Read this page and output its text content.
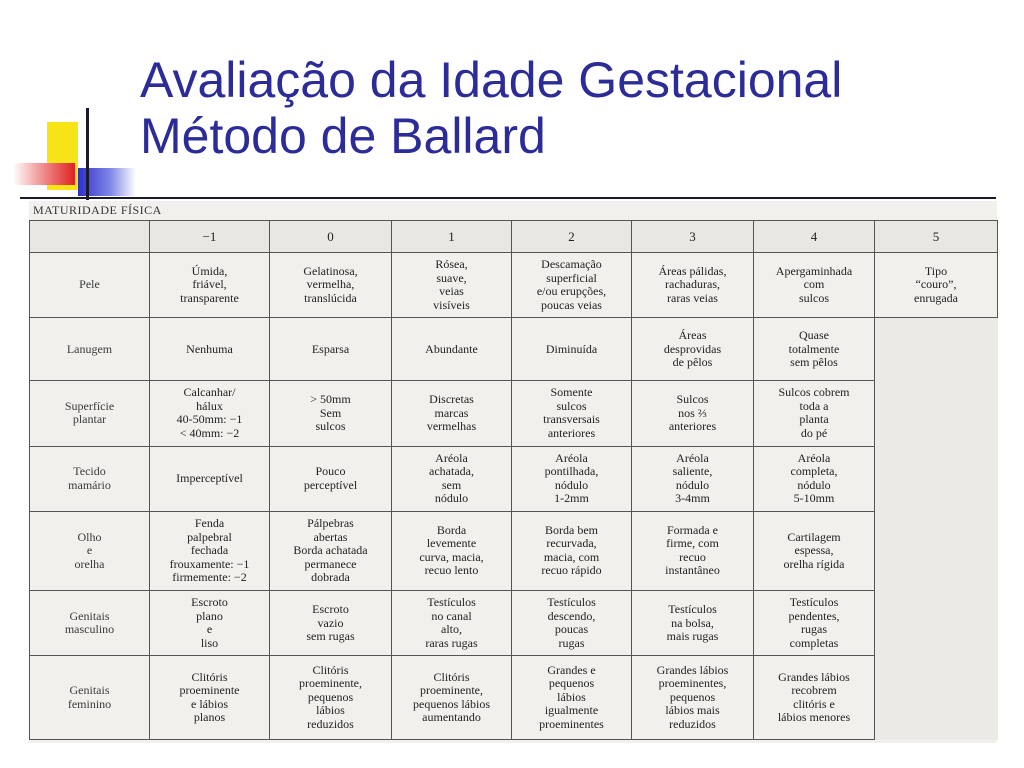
Avaliação da Idade Gestacional
Método de Ballard
MATURIDADE FÍSICA
	−1	0	1	2	3	4	5

Pele	Úmida,
friável,
transparente	Gelatinosa,
vermelha,
translúcida	Rósea,
suave,
veias
visíveis	Descamação
superficial
e/ou erupções,
poucas veias	Áreas pálidas,
rachaduras,
raras veias	Apergaminhada
com
sulcos	Tipo
“couro”,
enrugada

Lanugem	Nenhuma	Esparsa	Abundante	Diminuída	Áreas
desprovidas
de pêlos	Quase
totalmente
sem pêlos	

Superfície
plantar	Calcanhar/
hálux
40-50mm: −1
< 40mm: −2	> 50mm
Sem
sulcos	Discretas
marcas
vermelhas	Somente
sulcos
transversais
anteriores	Sulcos
nos ⅔
anteriores	Sulcos cobrem
toda a
planta
do pé	

Tecido
mamário	Imperceptível	Pouco
perceptível	Aréola
achatada,
sem
nódulo	Aréola
pontilhada,
nódulo
1-2mm	Aréola
saliente,
nódulo
3-4mm	Aréola
completa,
nódulo
5-10mm	

Olho
e
orelha	Fenda
palpebral
fechada
frouxamente: −1
firmemente: −2	Pálpebras
abertas
Borda achatada
permanece
dobrada	Borda
levemente
curva, macia,
recuo lento	Borda bem
recurvada,
macia, com
recuo rápido	Formada e
firme, com
recuo
instantâneo	Cartilagem
espessa,
orelha rígida	

Genitais
masculino	Escroto
plano
e
liso	Escroto
vazio
sem rugas	Testículos
no canal
alto,
raras rugas	Testículos
descendo,
poucas
rugas	Testículos
na bolsa,
mais rugas	Testículos
pendentes,
rugas
completas	

Genitais
feminino	Clitóris
proeminente
e lábios
planos	Clitóris
proeminente,
pequenos
lábios
reduzidos	Clitóris
proeminente,
pequenos lábios
aumentando	Grandes e
pequenos
lábios
igualmente
proeminentes	Grandes lábios
proeminentes,
pequenos
lábios mais
reduzidos	Grandes lábios
recobrem
clitóris e
lábios menores	
